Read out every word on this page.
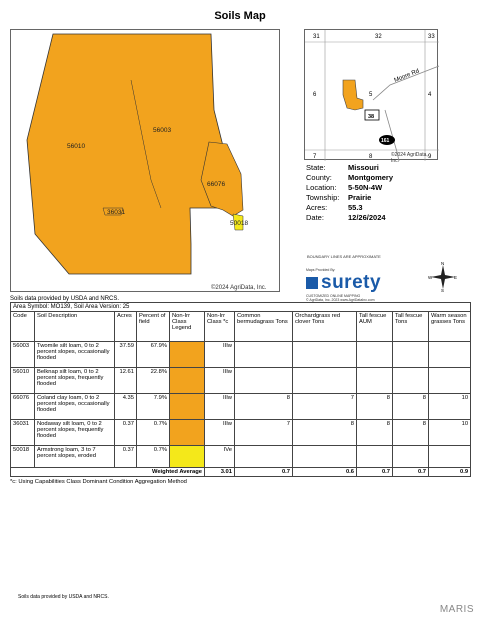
Soils Map
56010
56003
66076
36031
50018
©2024 AgriData, Inc.
31	32	33
6	5	4
7	8	9
Moore Rd
38
161
©2024 AgriData, Inc.
State:	Missouri
County:	Montgomery
Location:	5-50N-4W
Township:	Prairie
Acres:	55.3
Date:	12/26/2024
BOUNDARY LINES ARE APPROXIMATE
Maps Provided By:
surety
CUSTOMIZED ONLINE MAPPING
© AgriData, Inc. 2023 www.AgriDataInc.com
N
S
W	E
Soils data provided by USDA and NRCS.
Area Symbol: MO139, Soil Area Version: 25										
Code	Soil Description	Acres	Percent of field	Non-Irr Class Legend	Non-Irr Class *c	Common bermudagrass Tons	Orchardgrass red clover Tons	Tall fescue AUM	Tall fescue Tons	Warm season grasses Tons
56003	Twomile silt loam, 0 to 2 percent slopes, occasionally flooded	37.59	67.9%		IIIw					
56010	Belknap silt loam, 0 to 2 percent slopes, frequently flooded	12.61	22.8%		IIIw					
66076	Coland clay loam, 0 to 2 percent slopes, occasionally flooded	4.35	7.9%		IIIw	8	7	8	8	10
36031	Nodaway silt loam, 0 to 2 percent slopes, frequently flooded	0.37	0.7%		IIIw	7	8	8	8	10
50018	Armstrong loam, 3 to 7 percent slopes, eroded	0.37	0.7%		IVe					
Weighted Average					3.01	0.7	0.6	0.7	0.7	0.9
*c: Using Capabilities Class Dominant Condition Aggregation Method
Soils data provided by USDA and NRCS.
MARIS
